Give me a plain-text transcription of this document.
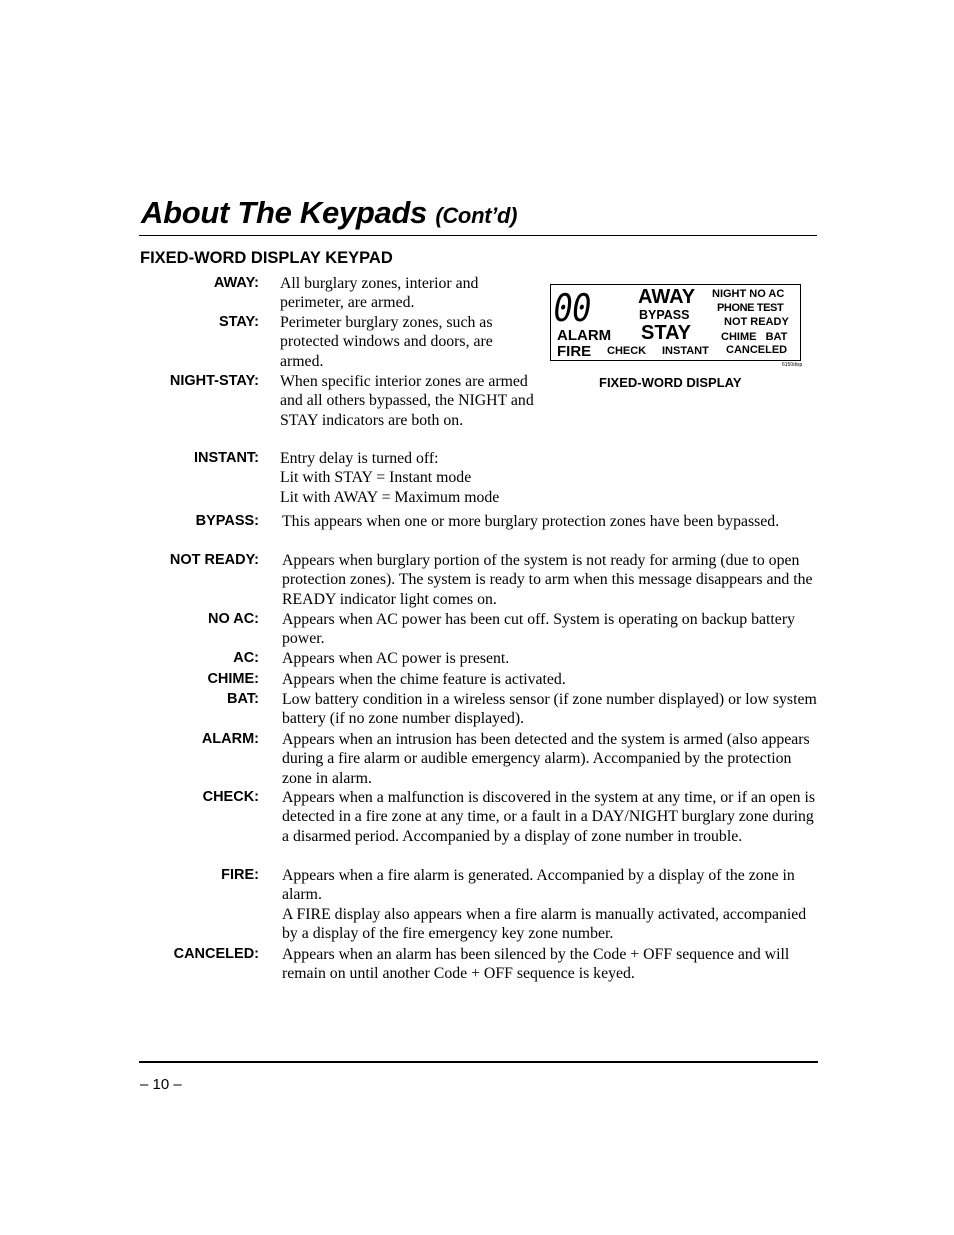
About The Keypads (Cont’d)
FIXED-WORD DISPLAY KEYPAD
AWAY: All burglary zones, interior and perimeter, are armed.
STAY: Perimeter burglary zones, such as protected windows and doors, are armed.
NIGHT-STAY: When specific interior zones are armed and all others bypassed, the NIGHT and STAY indicators are both on.
INSTANT: Entry delay is turned off:
Lit with STAY = Instant mode
Lit with AWAY = Maximum mode
BYPASS: This appears when one or more burglary protection zones have been bypassed.
NOT READY: Appears when burglary portion of the system is not ready for arming (due to open protection zones). The system is ready to arm when this message disappears and the READY indicator light comes on.
NO AC: Appears when AC power has been cut off. System is operating on backup battery power.
AC: Appears when AC power is present.
CHIME: Appears when the chime feature is activated.
BAT: Low battery condition in a wireless sensor (if zone number displayed) or low system battery (if no zone number displayed).
ALARM: Appears when an intrusion has been detected and the system is armed (also appears during a fire alarm or audible emergency alarm). Accompanied by the protection zone in alarm.
CHECK: Appears when a malfunction is discovered in the system at any time, or if an open is detected in a fire zone at any time, or a fault in a DAY/NIGHT burglary zone during a disarmed period. Accompanied by a display of zone number in trouble.
FIRE: Appears when a fire alarm is generated. Accompanied by a display of the zone in alarm.
A FIRE display also appears when a fire alarm is manually activated, accompanied by a display of the fire emergency key zone number.
CANCELED: Appears when an alarm has been silenced by the Code + OFF sequence and will remain on until another Code + OFF sequence is keyed.
00 AWAY
BYPASS
STAY
ALARM
FIRE CHECK INSTANT
NIGHT NO AC
PHONE TEST
NOT READY
CHIME   BAT
CANCELED
6150disp
FIXED-WORD DISPLAY
– 10 –
